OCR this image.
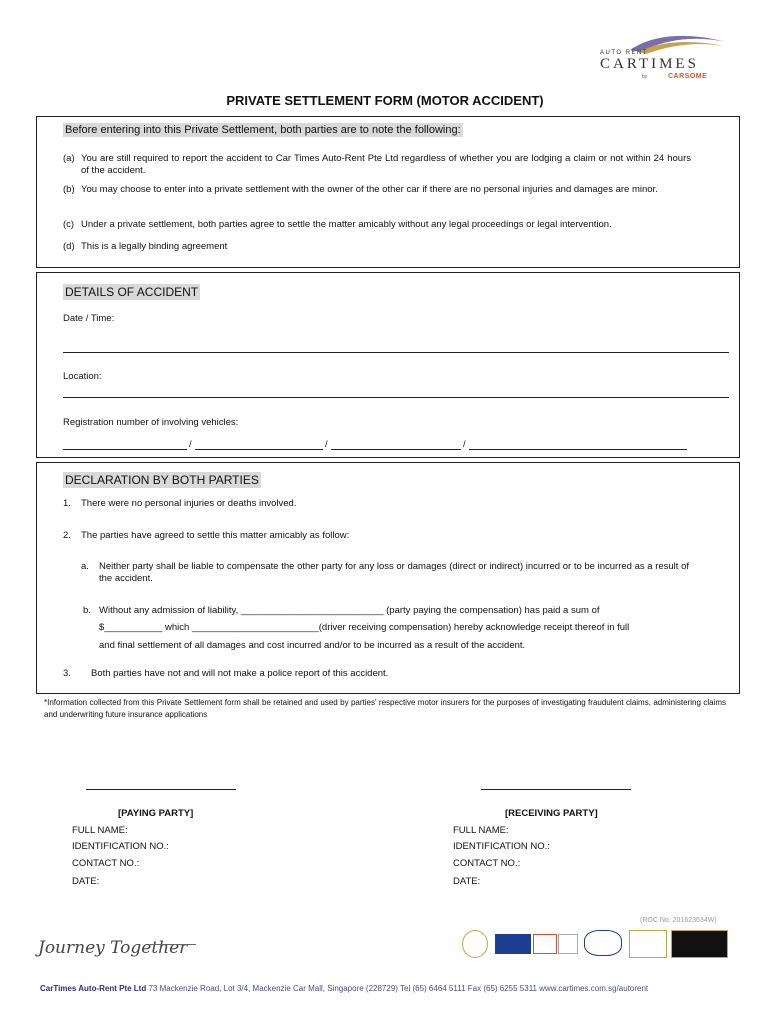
AUTO RENT
CARTIMES
by	CARSOME
PRIVATE SETTLEMENT FORM (MOTOR ACCIDENT)
Before entering into this Private Settlement, both parties are to note the following:
(a) You are still required to report the accident to Car Times Auto-Rent Pte Ltd regardless of whether you are lodging a claim or not within 24 hours of the accident.
(b) You may choose to enter into a private settlement with the owner of the other car if there are no personal injuries and damages are minor.
(c) Under a private settlement, both parties agree to settle the matter amicably without any legal proceedings or legal intervention.
(d) This is a legally binding agreement
DETAILS OF ACCIDENT
Date / Time:
Location:
Registration number of involving vehicles:
/	/	/
DECLARATION BY BOTH PARTIES
1. There were no personal injuries or deaths involved.
2. The parties have agreed to settle this matter amicably as follow:
a. Neither party shall be liable to compensate the other party for any loss or damages (direct or indirect) incurred or to be incurred as a result of the accident.
b. Without any admission of liability, ___________________________ (party paying the compensation) has paid a sum of
$___________ which ________________________(driver receiving compensation) hereby acknowledge receipt thereof in full
and final settlement of all damages and cost incurred and/or to be incurred as a result of the accident.
3. Both parties have not and will not make a police report of this accident.
*Information collected from this Private Settlement form shall be retained and used by parties' respective motor insurers for the purposes of investigating fraudulent claims, administering claims and underwriting future insurance applications
[PAYING PARTY]
FULL NAME:
IDENTIFICATION NO.:
CONTACT NO.:
DATE:
[RECEIVING PARTY]
FULL NAME:
IDENTIFICATION NO.:
CONTACT NO.:
DATE:
(ROC No. 201623634W)
Journey Together
CarTimes Auto-Rent Pte Ltd 73 Mackenzie Road, Lot 3/4, Mackenzie Car Mall, Singapore (228729) Tel (65) 6464 5111 Fax (65) 6255 5311 www.cartimes.com.sg/autorent
